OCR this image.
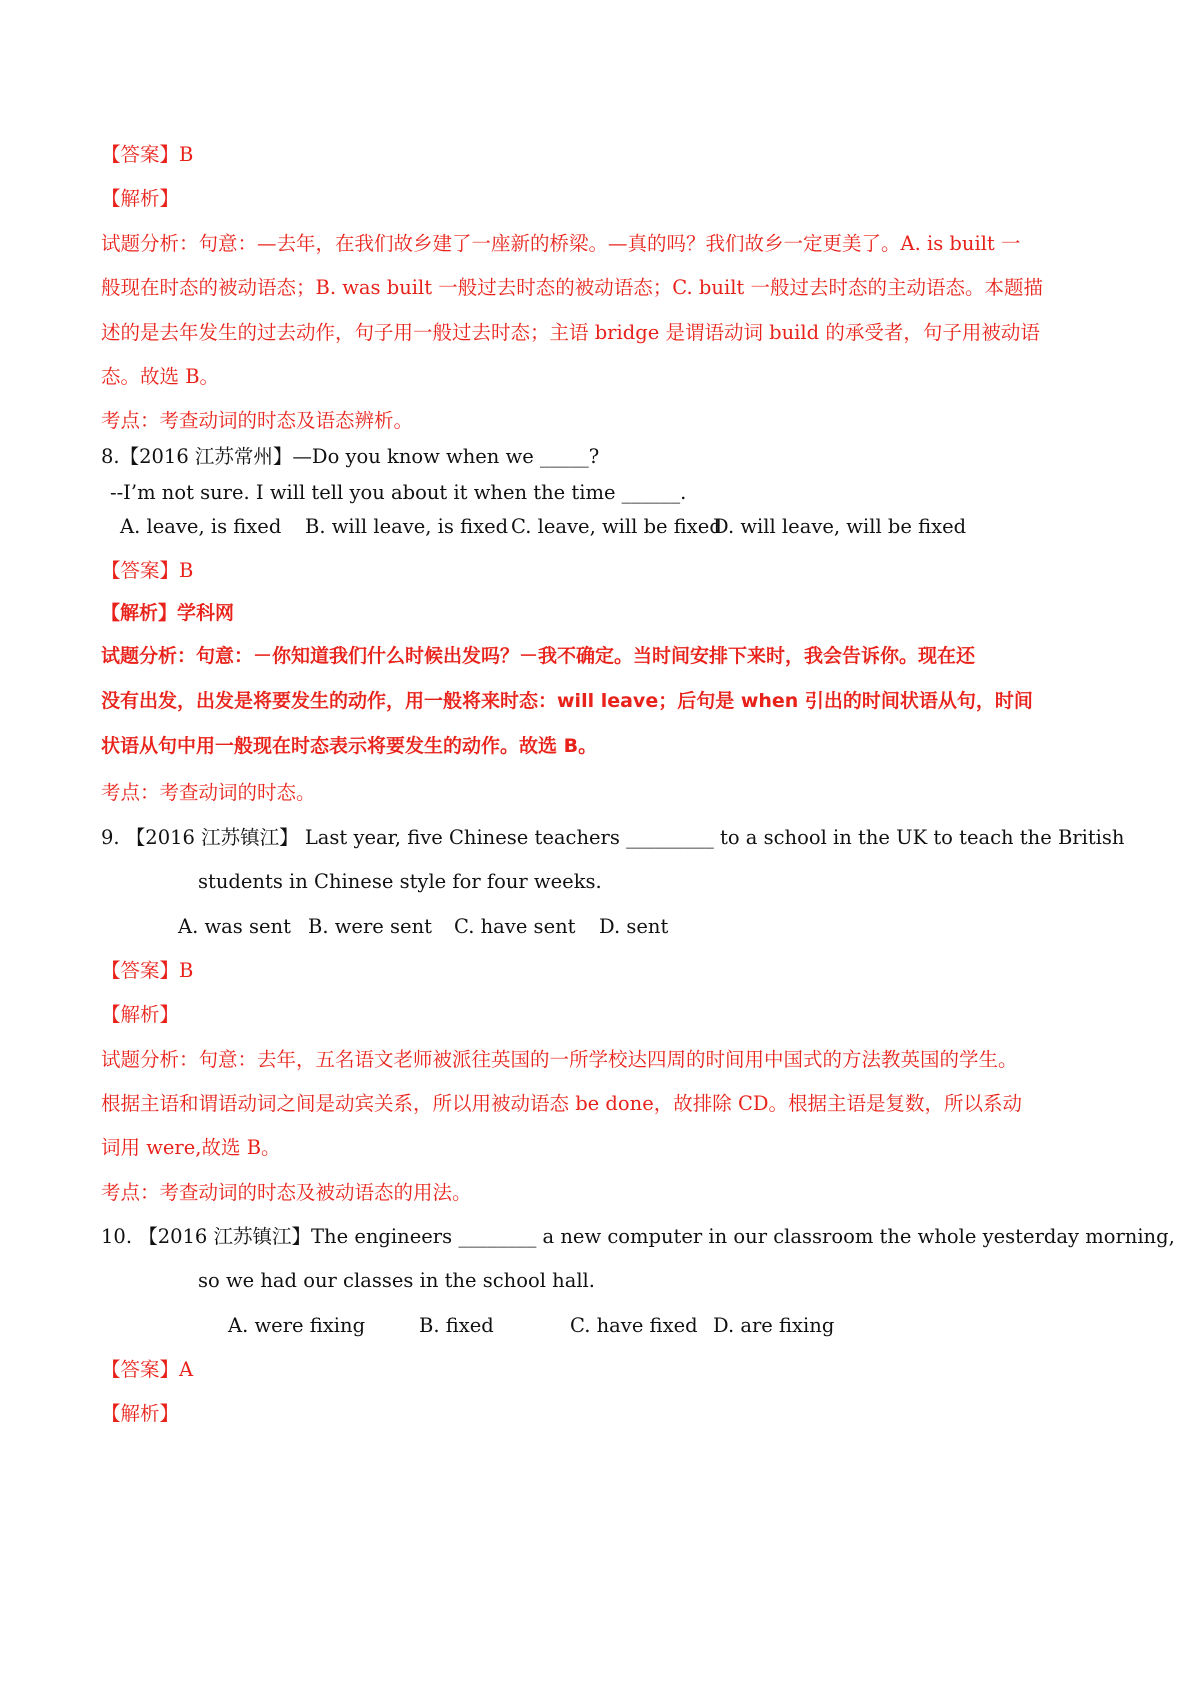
【答案】B
【解析】
试题分析：句意：—去年，在我们故乡建了一座新的桥梁。—真的吗？我们故乡一定更美了。A. is built 一
般现在时态的被动语态；B. was built 一般过去时态的被动语态；C. built 一般过去时态的主动语态。本题描
述的是去年发生的过去动作，句子用一般过去时态；主语 bridge 是谓语动词 build 的承受者，句子用被动语
态。故选 B。
考点：考查动词的时态及语态辨析。
8.【2016 江苏常州】—Do you know when we _____?
--I’m not sure. I will tell you about it when the time ______.
A. leave, is fixed B. will leave, is fixed C. leave, will be fixed
D. will leave, will be fixed
【答案】B
【解析】学科网
试题分析：句意：－你知道我们什么时候出发吗？－我不确定。当时间安排下来时，我会告诉你。现在还
没有出发，出发是将要发生的动作，用一般将来时态：will leave；后句是 when 引出的时间状语从句，时间
状语从句中用一般现在时态表示将要发生的动作。故选 B。
考点：考查动词的时态。
9. 【2016 江苏镇江】 Last year, five Chinese teachers _________ to a school in the UK to teach the British
students in Chinese style for four weeks.
A. was sent B. were sent C. have sent D. sent
【答案】B
【解析】
试题分析：句意：去年，五名语文老师被派往英国的一所学校达四周的时间用中国式的方法教英国的学生。
根据主语和谓语动词之间是动宾关系，所以用被动语态 be done，故排除 CD。根据主语是复数，所以系动
词用 were,故选 B。
考点：考查动词的时态及被动语态的用法。
10. 【2016 江苏镇江】The engineers ________ a new computer in our classroom the whole yesterday morning,
so we had our classes in the school hall.
A. were fixing	B. fixed	C. have fixed D. are fixing
【答案】A
【解析】
